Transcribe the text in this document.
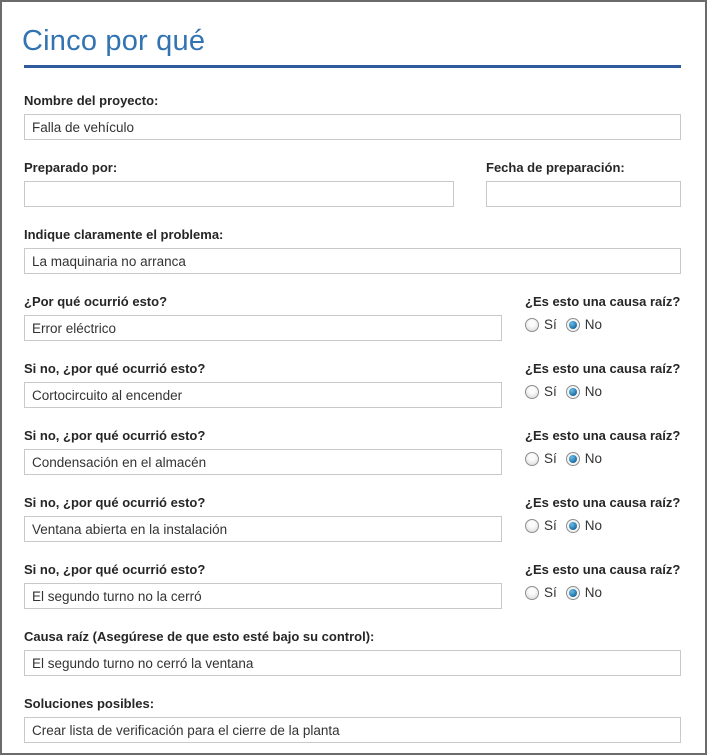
Cinco por qué
Nombre del proyecto:
Falla de vehículo
Preparado por:	Fecha de preparación:
Indique claramente el problema:
La maquinaria no arranca
¿Por qué ocurrió esto?
Error eléctrico	¿Es esto una causa raíz?
Sí No
Si no, ¿por qué ocurrió esto?
Cortocircuito al encender	¿Es esto una causa raíz?
Sí No
Si no, ¿por qué ocurrió esto?
Condensación en el almacén	¿Es esto una causa raíz?
Sí No
Si no, ¿por qué ocurrió esto?
Ventana abierta en la instalación	¿Es esto una causa raíz?
Sí No
Si no, ¿por qué ocurrió esto?
El segundo turno no la cerró	¿Es esto una causa raíz?
Sí No
Causa raíz (Asegúrese de que esto esté bajo su control):
El segundo turno no cerró la ventana
Soluciones posibles:
Crear lista de verificación para el cierre de la planta
